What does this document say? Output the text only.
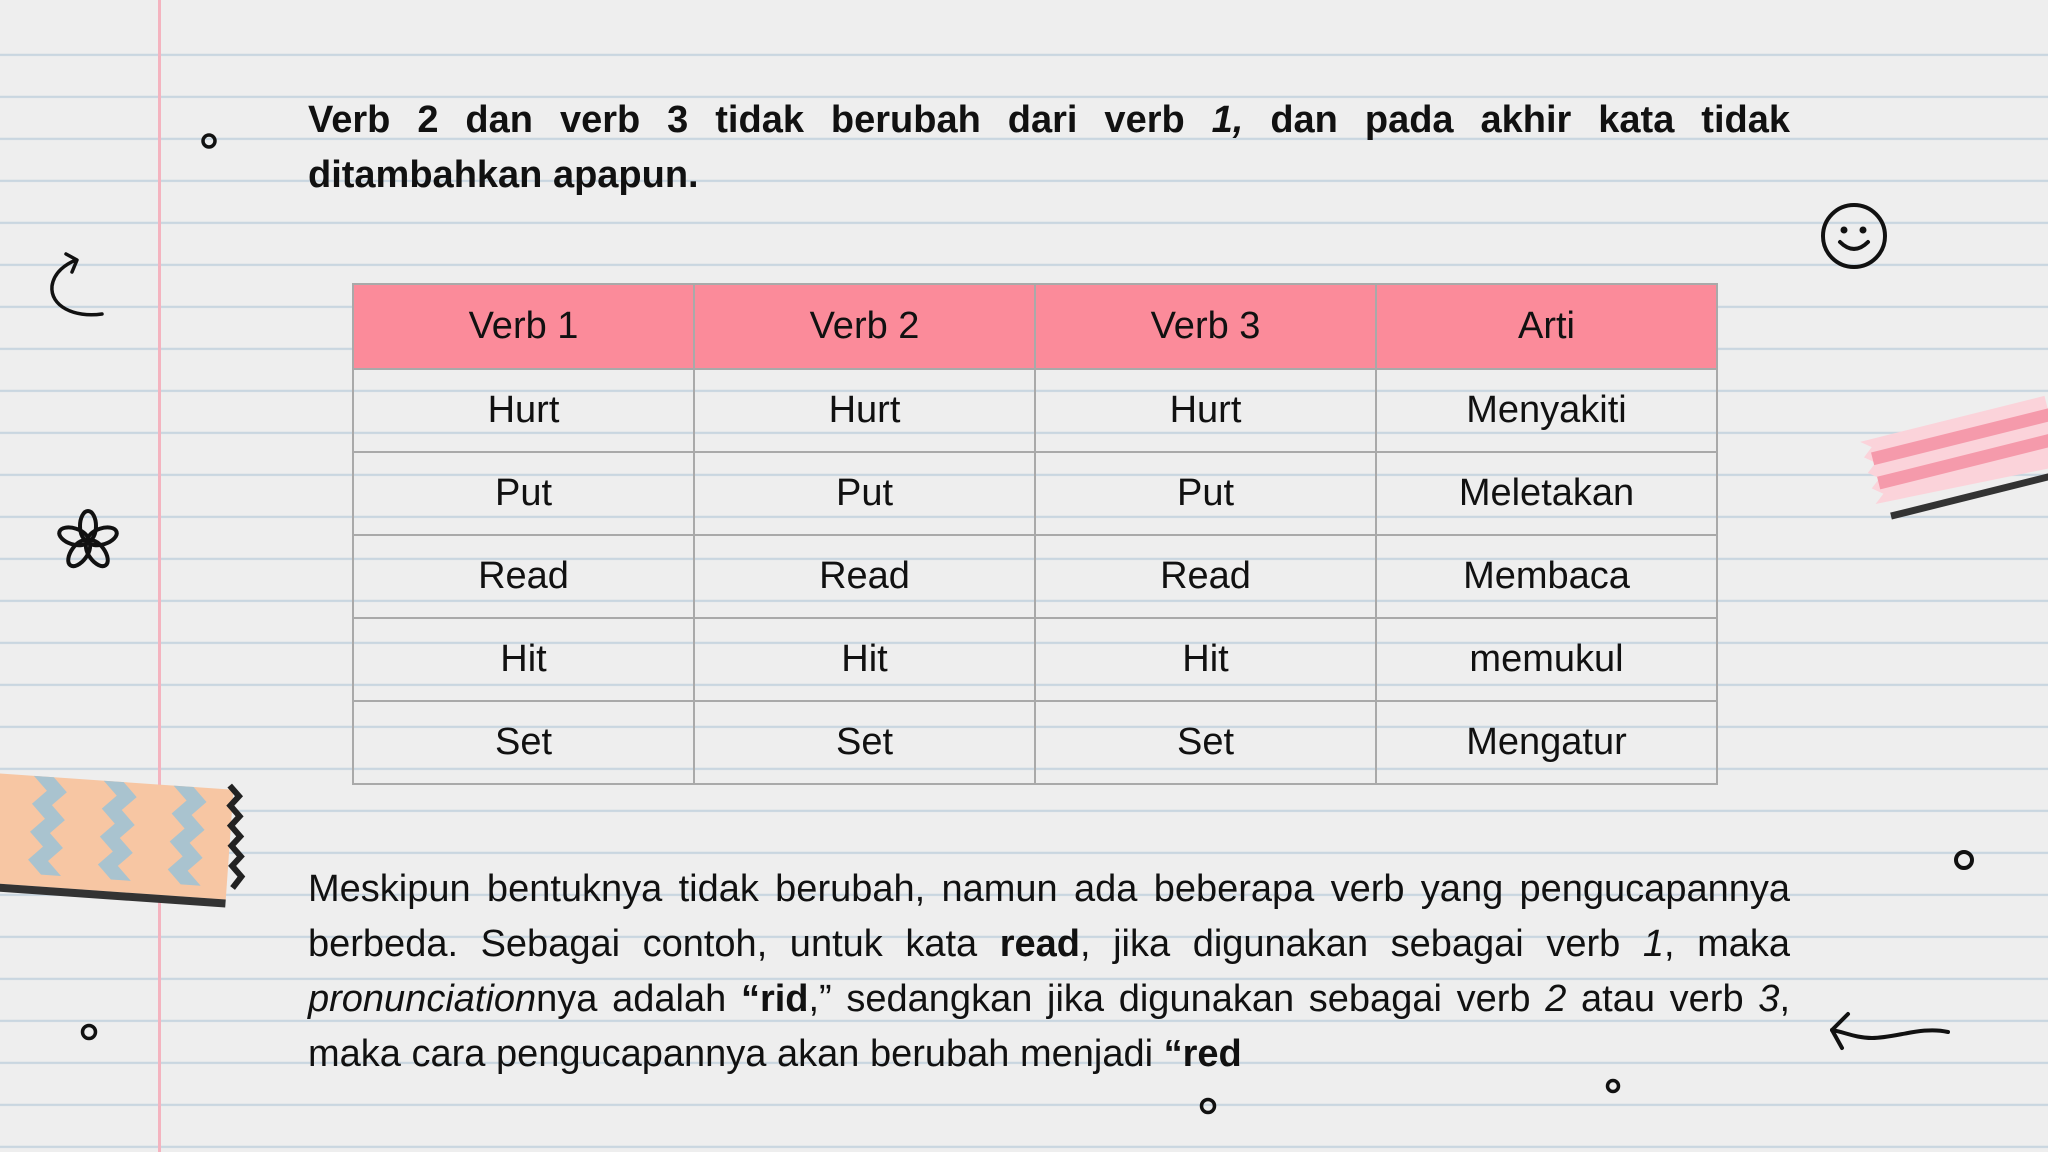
Verb 2 dan verb 3 tidak berubah dari verb 1, dan pada akhir kata tidak ditambahkan apapun.

Verb 1	Verb 2	Verb 3	Arti
Hurt	Hurt	Hurt	Menyakiti
Put	Put	Put	Meletakan
Read	Read	Read	Membaca
Hit	Hit	Hit	memukul
Set	Set	Set	Mengatur

Meskipun bentuknya tidak berubah, namun ada beberapa verb yang pengucapannya berbeda. Sebagai contoh, untuk kata read, jika digunakan sebagai verb 1, maka pronunciationnya adalah “rid,” sedangkan jika digunakan sebagai verb 2 atau verb 3, maka cara pengucapannya akan berubah menjadi “red
